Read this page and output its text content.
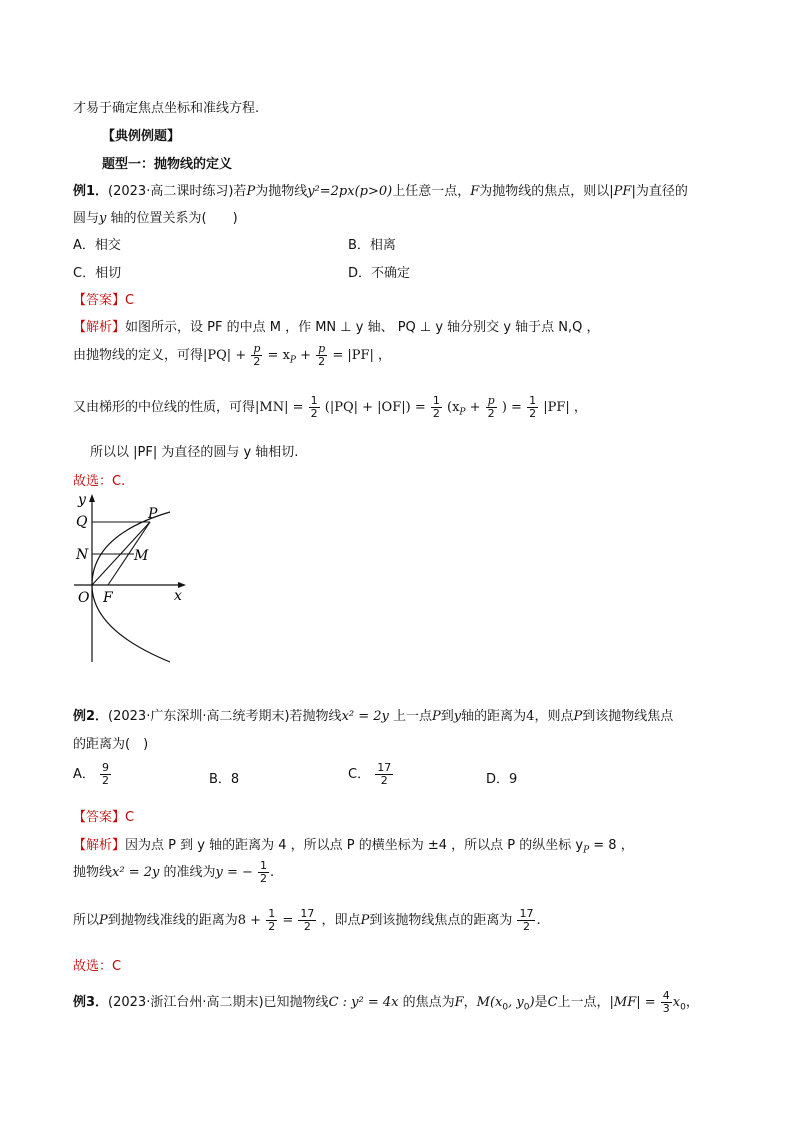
才易于确定焦点坐标和准线方程.
【典例例题】
题型一：抛物线的定义
例1．(2023·高二课时练习)若P为抛物线y²=2px(p>0)上任意一点，F为抛物线的焦点，则以|PF|为直径的
圆与y 轴的位置关系为(　　)
A．相交	B．相离
C．相切	D．不确定
【答案】C
【解析】如图所示，设 PF 的中点 M ，作 MN ⊥ y 轴、 PQ ⊥ y 轴分别交 y 轴于点 N,Q ，
由抛物线的定义，可得$|PQ| + \frac{p}{2} = x_P + \frac{p}{2} = |PF|$ ，
又由梯形的中位线的性质，可得$|MN| = \frac{1}{2} (|PQ| + |OF|) = \frac{1}{2} (x_P + \frac{p}{2}$ ) = $\frac{1}{2} |PF|$ ，
所以以 |PF| 为直径的圆与 y 轴相切.
故选：C.
y
Q	P
N	M
O F	x
例2．(2023·广东深圳·高二统考期末)若抛物线x² = 2y 上一点P到y轴的距离为4，则点P到该抛物线焦点
的距离为(　)
A． $\frac{9}{2}$	B．8	C． $\frac{17}{2}$	D．9
【答案】C
【解析】因为点 P 到 y 轴的距离为 4 ，所以点 P 的横坐标为 ±4 ，所以点 P 的纵坐标 $y_P = 8$ ，
抛物线x² = 2y 的准线为y = − $\frac{1}{2}$ .
所以P到抛物线准线的距离为$8 + \frac{1}{2} = \frac{17}{2}$ ，即点P到该抛物线焦点的距离为 $\frac{17}{2}$ .
故选：C
例3．(2023·浙江台州·高二期末)已知抛物线C : y² = 4x 的焦点为F，$M(x_0$, $y_0$)是C上一点，$|MF| = \frac{4}{3} x_0$，
